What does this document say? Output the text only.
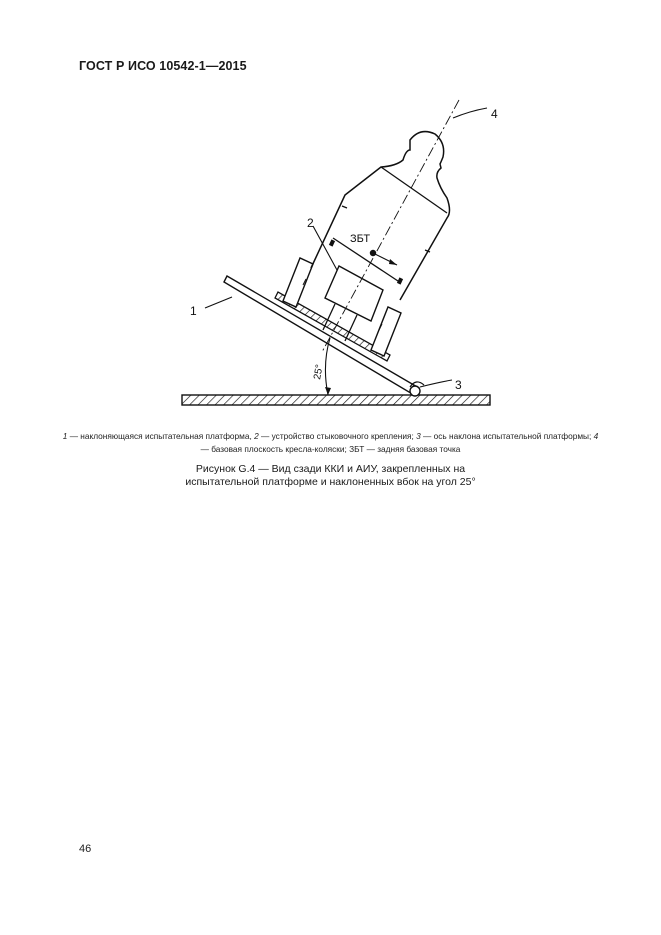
ГОСТ Р ИСО 10542-1—2015
ЗБТ
25°
1
2
3
4
1 — наклоняющаяся испытательная платформа, 2 — устройство стыковочного крепления; 3 — ось наклона испытательной платформы; 4 — базовая плоскость кресла-коляски; ЗБТ — задняя базовая точка
Рисунок G.4 — Вид сзади ККИ и АИУ, закрепленных на
испытательной платформе и наклоненных вбок на угол 25°
46
